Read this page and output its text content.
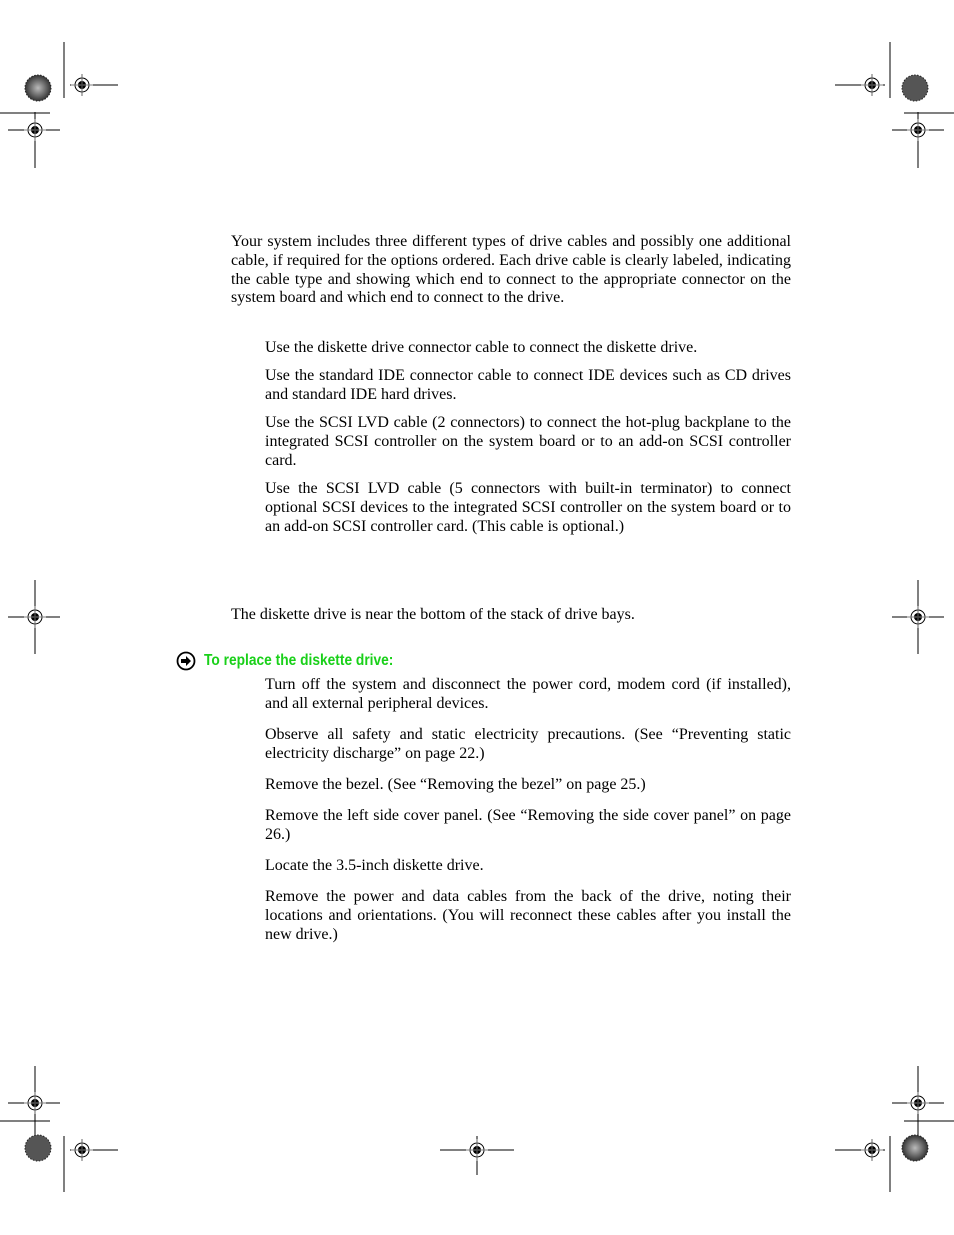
Your system includes three different types of drive cables and possibly one additional cable, if required for the options ordered. Each drive cable is clearly labeled, indicating the cable type and showing which end to connect to the appropriate connector on the system board and which end to connect to the drive.
Use the diskette drive connector cable to connect the diskette drive.
Use the standard IDE connector cable to connect IDE devices such as CD drives and standard IDE hard drives.
Use the SCSI LVD cable (2 connectors) to connect the hot-plug backplane to the integrated SCSI controller on the system board or to an add-on SCSI controller card.
Use the SCSI LVD cable (5 connectors with built-in terminator) to connect optional SCSI devices to the integrated SCSI controller on the system board or to an add-on SCSI controller card. (This cable is optional.)
The diskette drive is near the bottom of the stack of drive bays.
To replace the diskette drive:
Turn off the system and disconnect the power cord, modem cord (if installed), and all external peripheral devices.
Observe all safety and static electricity precautions. (See “Preventing static electricity discharge” on page 22.)
Remove the bezel. (See “Removing the bezel” on page 25.)
Remove the left side cover panel. (See “Removing the side cover panel” on page 26.)
Locate the 3.5-inch diskette drive.
Remove the power and data cables from the back of the drive, noting their locations and orientations. (You will reconnect these cables after you install the new drive.)
